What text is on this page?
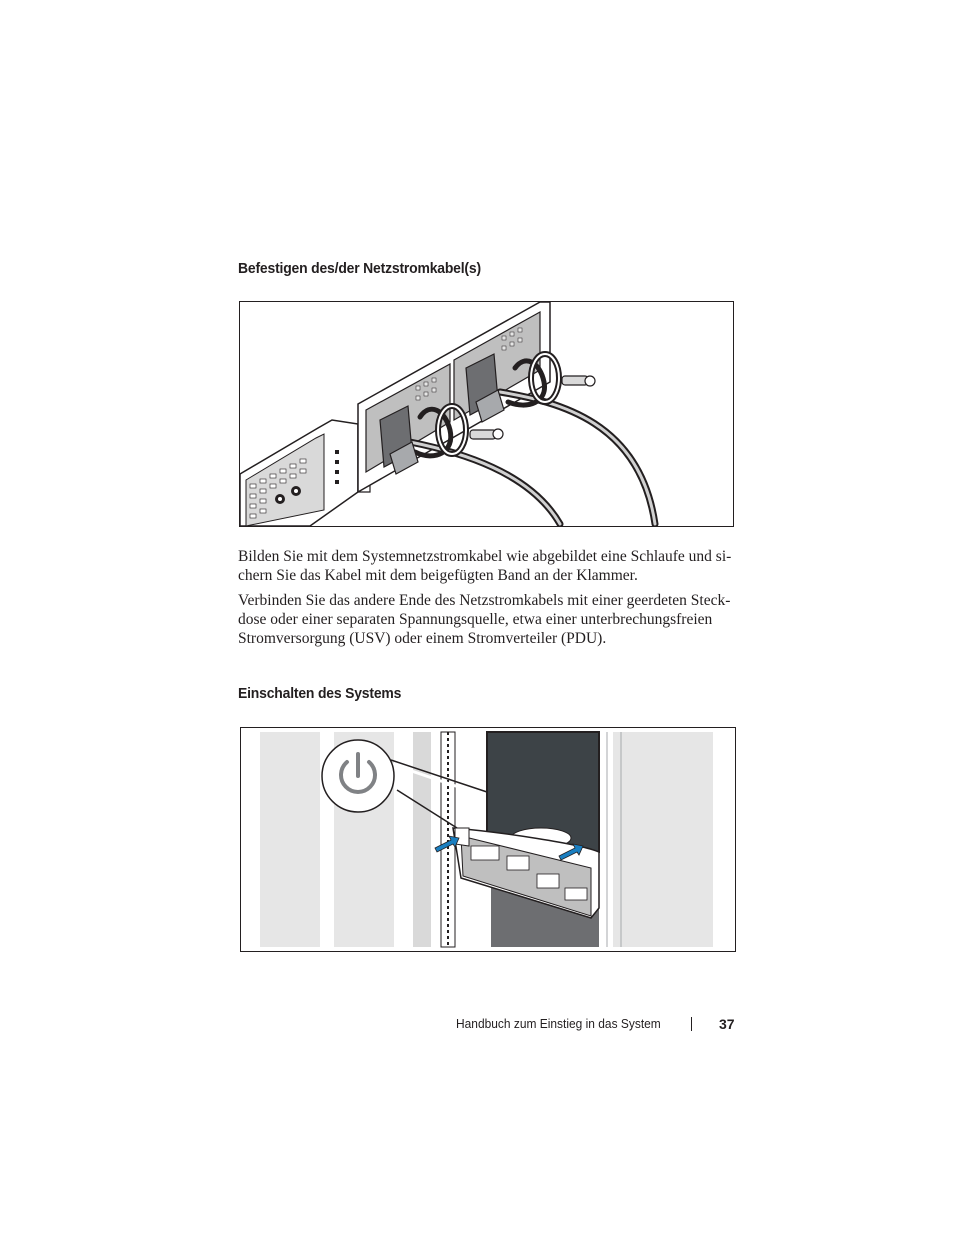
Befestigen des/der Netzstromkabel(s)

Bilden Sie mit dem Systemnetzstromkabel wie abgebildet eine Schlaufe und si-chern Sie das Kabel mit dem beigefügten Band an der Klammer.

Verbinden Sie das andere Ende des Netzstromkabels mit einer geerdeten Steck-dose oder einer separaten Spannungsquelle, etwa einer unterbrechungsfreien Stromversorgung (USV) oder einem Stromverteiler (PDU).

Einschalten des Systems
Handbuch zum Einstieg in das System	37
